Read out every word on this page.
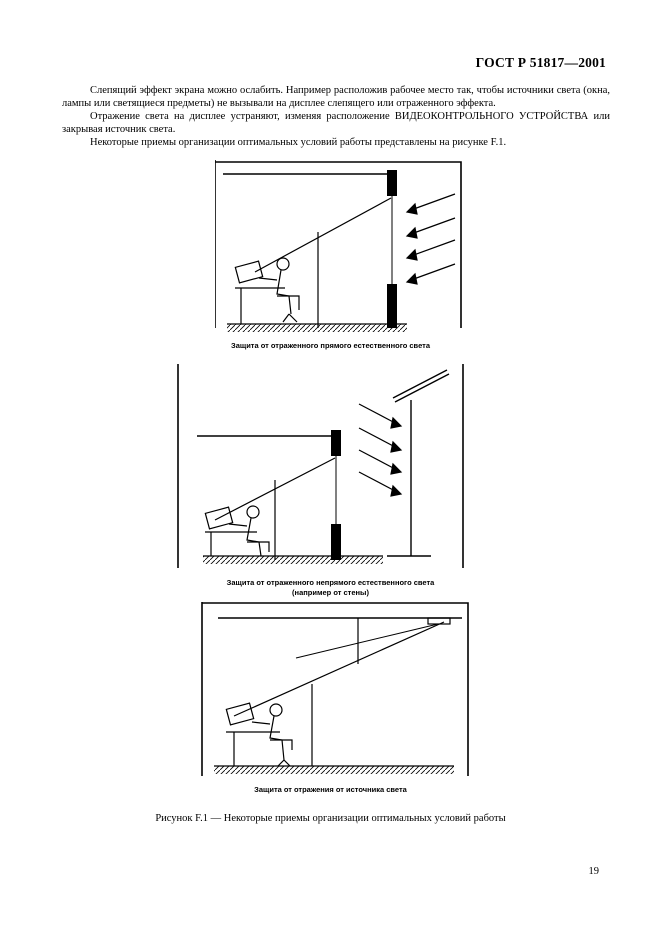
ГОСТ Р 51817—2001

Слепящий эффект экрана можно ослабить. Например расположив рабочее место так, чтобы источники света (окна, лампы или светящиеся предметы) не вызывали на дисплее слепящего или отраженного эффекта.

Отражение света на дисплее устраняют, изменяя расположение ВИДЕОКОНТРОЛЬНОГО УСТРОЙСТВА или закрывая источник света.

Некоторые приемы организации оптимальных условий работы представлены на рисунке F.1.

Защита от отраженного прямого естественного света
Защита от отраженного непрямого естественного света
(например от стены)
Защита от отражения от источника света
Рисунок F.1 — Некоторые приемы организации оптимальных условий работы
19
